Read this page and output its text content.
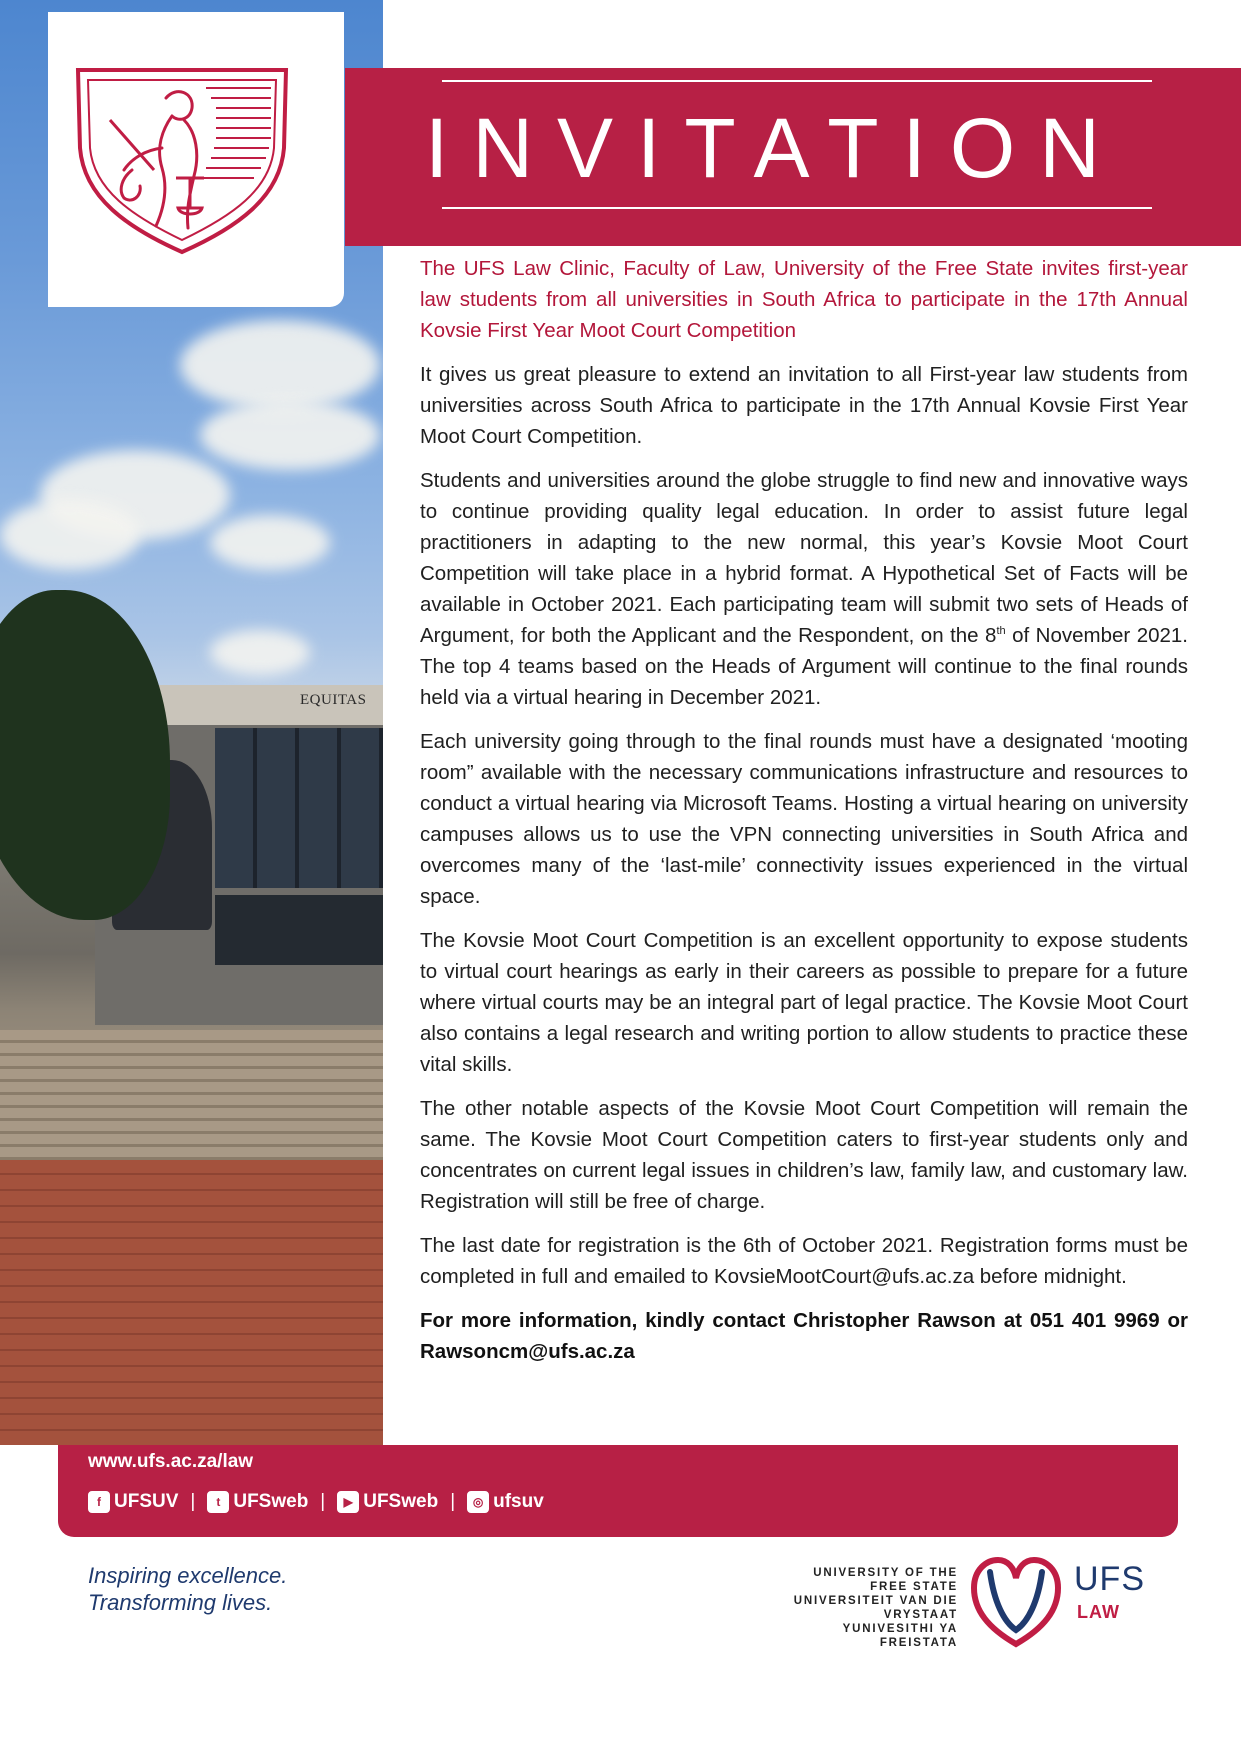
EQUITAS
INVITATION

The UFS Law Clinic, Faculty of Law, University of the Free State invites first-year law students from all universities in South Africa to participate in the 17th Annual Kovsie First Year Moot Court Competition

It gives us great pleasure to extend an invitation to all First-year law students from universities across South Africa to participate in the 17th Annual Kovsie First Year Moot Court Competition.

Students and universities around the globe struggle to find new and innovative ways to continue providing quality legal education. In order to assist future legal practitioners in adapting to the new normal, this year’s Kovsie Moot Court Competition will take place in a hybrid format. A Hypothetical Set of Facts will be available in October 2021. Each participating team will submit two sets of Heads of Argument, for both the Applicant and the Respondent, on the 8th of November 2021. The top 4 teams based on the Heads of Argument will continue to the final rounds held via a virtual hearing in December 2021.

Each university going through to the final rounds must have a designated ‘mooting room” available with the necessary communications infrastructure and resources to conduct a virtual hearing via Microsoft Teams. Hosting a virtual hearing on university campuses allows us to use the VPN connecting universities in South Africa and overcomes many of the ‘last-mile’ connectivity issues experienced in the virtual space.

The Kovsie Moot Court Competition is an excellent opportunity to expose students to virtual court hearings as early in their careers as possible to prepare for a future where virtual courts may be an integral part of legal practice. The Kovsie Moot Court also contains a legal research and writing portion to allow students to practice these vital skills.

The other notable aspects of the Kovsie Moot Court Competition will remain the same. The Kovsie Moot Court Competition caters to first-year students only and concentrates on current legal issues in children’s law, family law, and customary law. Registration will still be free of charge.

The last date for registration is the 6th of October 2021. Registration forms must be completed in full and emailed to KovsieMootCourt@ufs.ac.za before midnight.

For more information, kindly contact Christopher Rawson at 051 401 9969 or Rawsoncm@ufs.ac.za

www.ufs.ac.za/law
f UFSUV |	t UFSweb |	▶ UFSweb |	◎ ufsuv
Inspiring excellence.
Transforming lives.
UNIVERSITY OF THE
FREE STATE
UNIVERSITEIT VAN DIE
VRYSTAAT
YUNIVESITHI YA
FREISTATA
UFS
LAW
